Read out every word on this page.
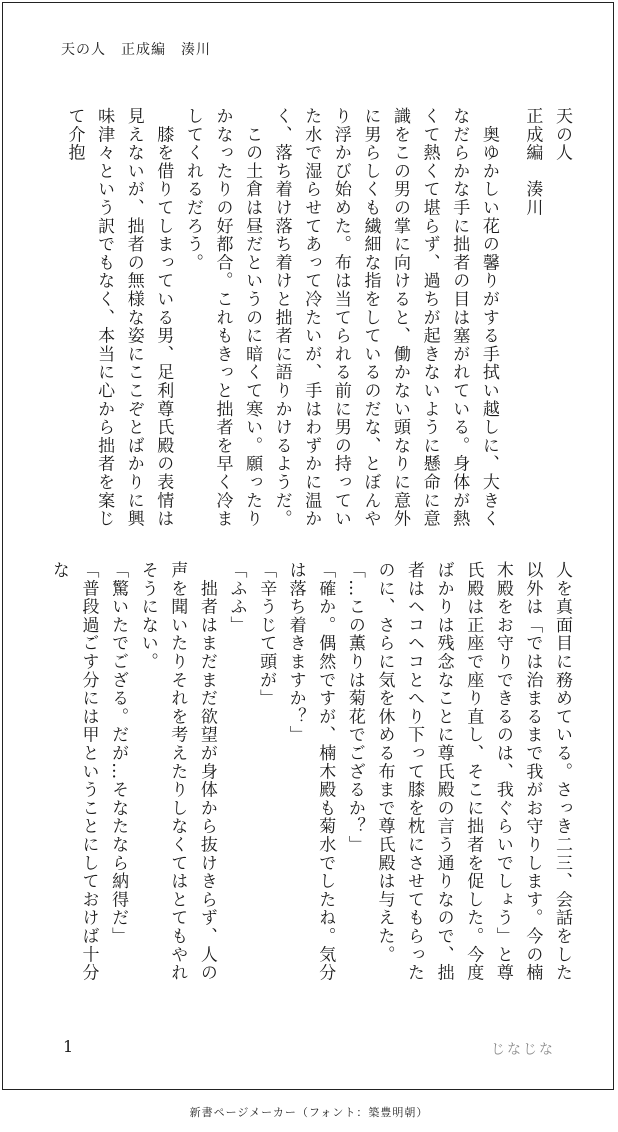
天の人　正成編　湊川

天の人

正成編　湊川

　奥ゆかしい花の馨りがする手拭い越しに、大きくなだらかな手に拙者の目は塞がれている。身体が熱くて熱くて堪らず、過ちが起きないように懸命に意識をこの男の掌に向けると、働かない頭なりに意外に男らしくも繊細な指をしているのだな、とぼんやり浮かび始めた。布は当てられる前に男の持っていた水で湿らせてあって冷たいが、手はわずかに温かく、落ち着け落ち着けと拙者に語りかけるようだ。

　この土倉は昼だというのに暗くて寒い。願ったりかなったりの好都合。これもきっと拙者を早く冷ましてくれるだろう。

　膝を借りてしまっている男、足利尊氏殿の表情は見えないが、拙者の無様な姿にここぞとばかりに興味津々という訳でもなく、本当に心から拙者を案じて介抱

人を真面目に務めている。さっき二三、会話をした以外は「では治まるまで我がお守りします。今の楠木殿をお守りできるのは、我ぐらいでしょう」と尊氏殿は正座で座り直し、そこに拙者を促した。今度ばかりは残念なことに尊氏殿の言う通りなので、拙者はヘコヘコとへり下って膝を枕にさせてもらったのに、さらに気を休める布まで尊氏殿は与えた。

「…この薫りは菊花でござるか？」

「確か。偶然ですが、楠木殿も菊水でしたね。気分は落ち着きますか？」

「辛うじて頭が」

「ふふ」

　拙者はまだまだ欲望が身体から抜けきらず、人の声を聞いたりそれを考えたりしなくてはとてもやれそうにない。

「驚いたでござる。だが…そなたなら納得だ」

「普段過ごす分には甲ということにしておけば十分な

1	じなじな
新書ページメーカー（フォント：築豊明朝）
